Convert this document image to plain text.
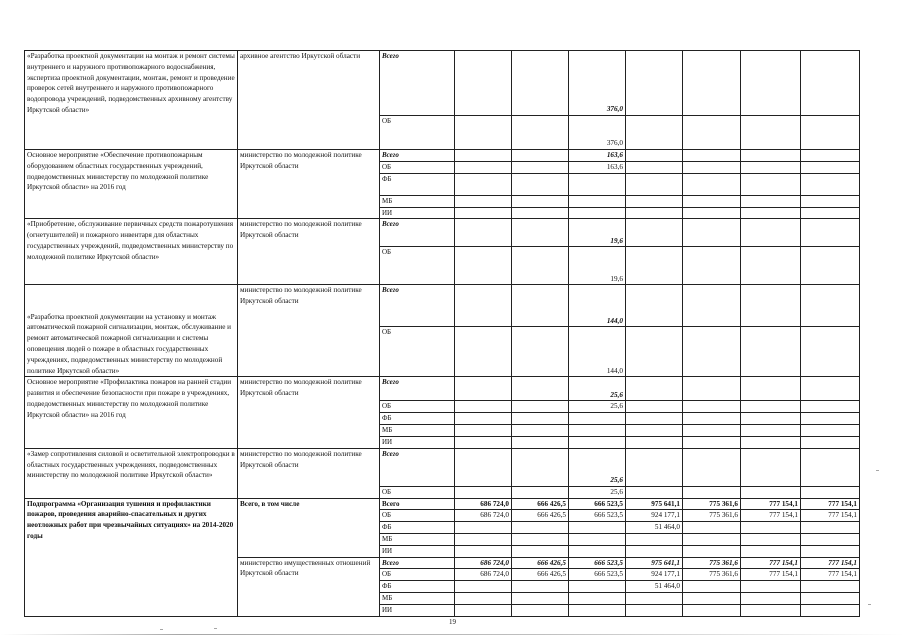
«Разработка проектной документации на монтаж и ремонт системы внутреннего и наружного противопожарного водоснабжения, экспертиза проектной документации, монтаж, ремонт и проведение проверок сетей внутреннего и наружного противопожарного водопровода учреждений, подведомственных архивному агентству Иркутской области»	архивное агентство Иркутской области	Всего			376,0				
		ОБ			376,0				
Основное мероприятие «Обеспечение противопожарным оборудованием областных государственных учреждений, подведомственных министерству по молодежной политике Иркутской области» на 2016 год	министерство по молодежной политике Иркутской области	Всего			163,6				
		ОБ			163,6				
		ФБ							
		МБ							
		ИИ							
«Приобретение, обслуживание первичных средств пожаротушения (огнетушителей) и пожарного инвентаря для областных государственных учреждений, подведомственных министерству по молодежной политике Иркутской области»	министерство по молодежной политике Иркутской области	Всего			19,6				
		ОБ			19,6				
«Разработка проектной документации на установку и монтаж автоматической пожарной сигнализации, монтаж, обслуживание и ремонт автоматической пожарной сигнализации и системы оповещения людей о пожаре в областных государственных учреждениях, подведомственных министерству по молодежной политике Иркутской области»	министерство по молодежной политике Иркутской области	Всего			144,0				
		ОБ			144,0				
Основное мероприятие «Профилактика пожаров на ранней стадии развития и обеспечение безопасности при пожаре в учреждениях, подведомственных министерству по молодежной политике Иркутской области» на 2016 год	министерство по молодежной политике Иркутской области	Всего			25,6				
		ОБ			25,6				
		ФБ							
		МБ							
		ИИ							
«Замер сопротивления силовой и осветительной электропроводки в областных государственных учреждениях, подведомственных министерству по молодежной политике Иркутской области»	министерство по молодежной политике Иркутской области	Всего			25,6				
		ОБ			25,6				
Подпрограмма «Организация тушения и профилактики пожаров, проведения аварийно-спасательных и других неотложных работ при чрезвычайных ситуациях» на 2014-2020 годы	Всего, в том числе	Всего	686 724,0	666 426,5	666 523,5	975 641,1	775 361,6	777 154,1	777 154,1
		ОБ	686 724,0	666 426,5	666 523,5	924 177,1	775 361,6	777 154,1	777 154,1
		ФБ				51 464,0			
		МБ							
		ИИ							
	министерство имущественных отношений Иркутской области	Всего	686 724,0	666 426,5	666 523,5	975 641,1	775 361,6	777 154,1	777 154,1
		ОБ	686 724,0	666 426,5	666 523,5	924 177,1	775 361,6	777 154,1	777 154,1
		ФБ				51 464,0			
		МБ							
		ИИ							
19
